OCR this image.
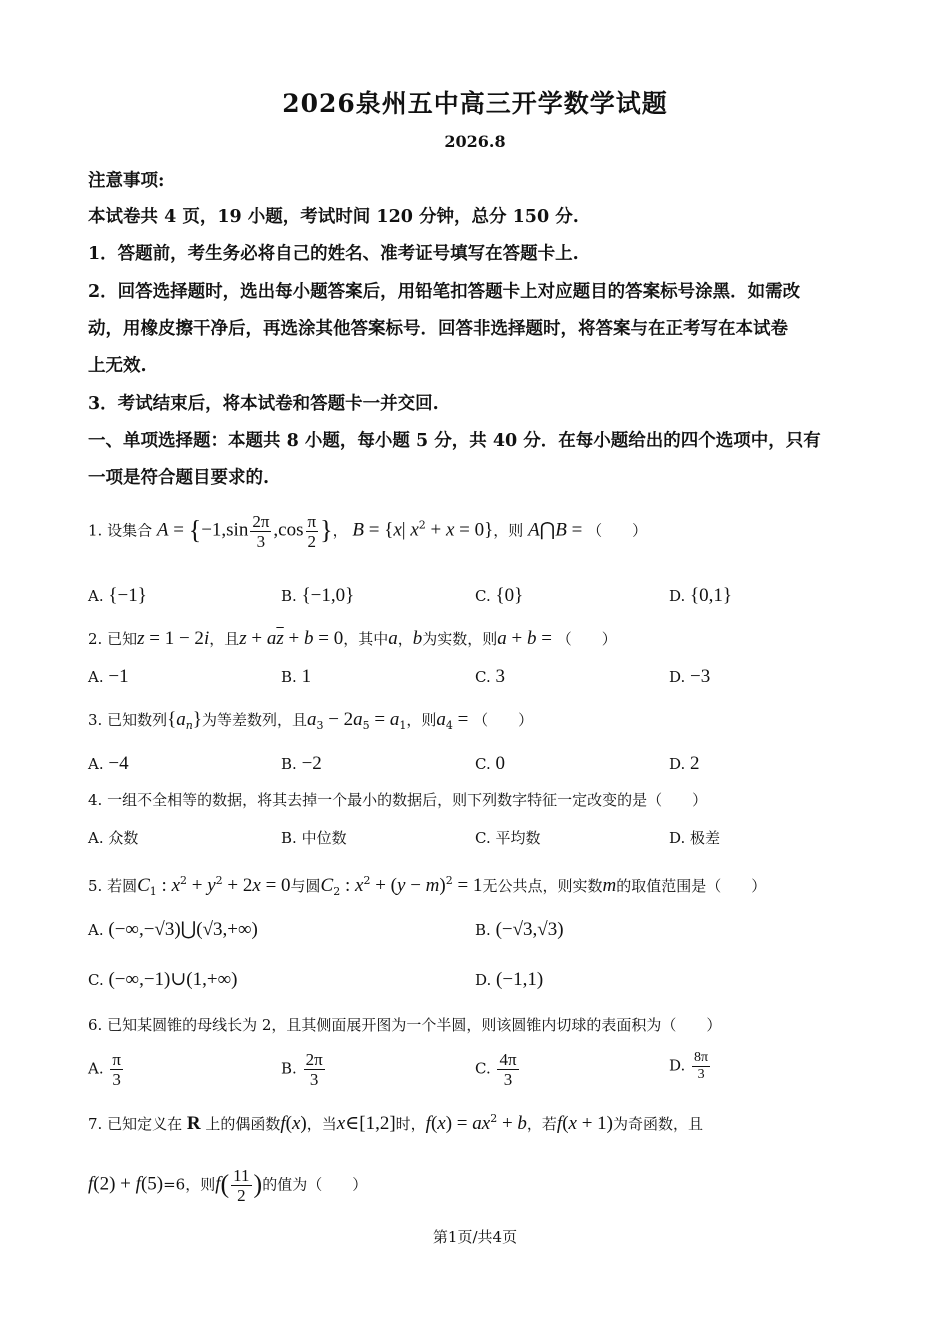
2026泉州五中高三开学数学试题
2026.8
注意事项:
本试卷共 4 页，19 小题，考试时间 120 分钟，总分 150 分.
1．答题前，考生务必将自己的姓名、准考证号填写在答题卡上.
2．回答选择题时，选出每小题答案后，用铅笔扣答题卡上对应题目的答案标号涂黑．如需改
动，用橡皮擦干净后，再选涂其他答案标号．回答非选择题时，将答案与在正考写在本试卷
上无效.
3．考试结束后，将本试卷和答题卡一并交回.
一、单项选择题：本题共 8 小题，每小题 5 分，共 40 分．在每小题给出的四个选项中，只有
一项是符合题目要求的.
1. 设集合 $A = \{-1,\sin \frac{2\pi}{3} ,\cos \frac{\pi}{2}$ }， B = {x| $x^2 + x = 0$}，则 A⋂B = （　　）
A. {−1}	B. {−1,0}	C. {0}	D. {0,1}
2. 已知z = 1 − 2i，且$z + a\overline{z} + b = 0$，其中a，b为实数，则a + b = （　　）
A. −1	B. 1	C. 3	D. −3
3. 已知数列$\{a_n\}$为等差数列，且$a_3 - 2a_5 = a_1$，则$a_4$ = （　　）
A. −4	B. −2	C. 0	D. 2
4. 一组不全相等的数据，将其去掉一个最小的数据后，则下列数字特征一定改变的是（　　）
A. 众数	B. 中位数	C. 平均数	D. 极差
5. 若圆$C_1$ : $x^2 + y^2 + 2x = 0$与圆$C_2$ : $x^2 + (y - m)^2 = 1$无公共点，则实数m的取值范围是（　　）
A. (−∞,−√3)⋃(√3,+∞)	B. (−√3,√3)
C. (−∞,−1)∪(1,+∞)	D. (−1,1)
6. 已知某圆锥的母线长为 2，且其侧面展开图为一个半圆，则该圆锥内切球的表面积为（　　）
A. $\frac{\pi}{3}$	B. $\frac{2\pi}{3}$	C. $\frac{4\pi}{3}$	D. $\frac{8\pi}{3}$
7. 已知定义在 R 上的偶函数f(x)，当x∈[1,2]时，$f(x) = ax^2 + b$，若f(x + 1)为奇函数，且
f(2) + f(5)=6，则$f( \frac{11}{2}$ )的值为（　　）
第1页/共4页
